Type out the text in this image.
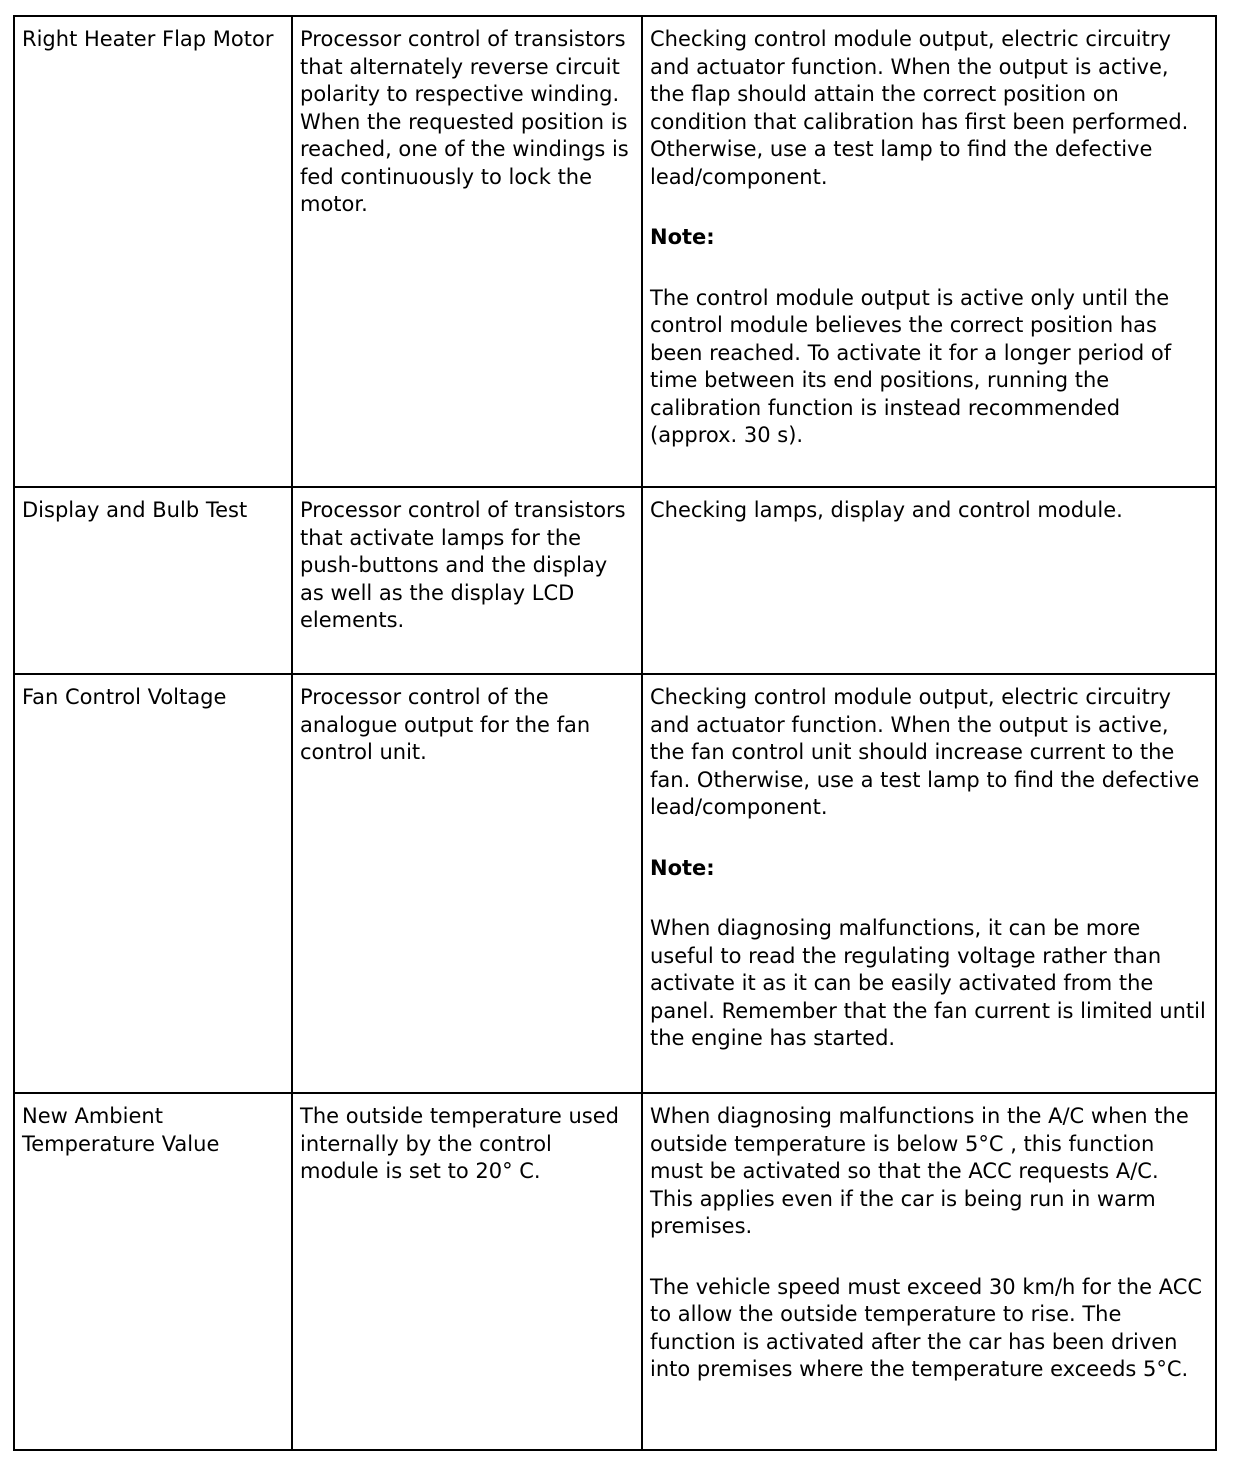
Right Heater Flap Motor	Processor control of transistors that alternately reverse circuit polarity to respective winding. When the requested position is reached, one of the windings is fed continuously to lock the motor.	Checking control module output, electric circuitry and actuator function. When the output is active, the flap should attain the correct position on condition that calibration has first been performed. Otherwise, use a test lamp to find the defective lead/component.

Note:

The control module output is active only until the control module believes the correct position has been reached. To activate it for a longer period of time between its end positions, running the calibration function is instead recommended (approx. 30 s).

Display and Bulb Test	Processor control of transistors that activate lamps for the push-buttons and the display as well as the display LCD elements.	Checking lamps, display and control module.

Fan Control Voltage	Processor control of the analogue output for the fan control unit.	Checking control module output, electric circuitry and actuator function. When the output is active, the fan control unit should increase current to the fan. Otherwise, use a test lamp to find the defective lead/component.

Note:

When diagnosing malfunctions, it can be more useful to read the regulating voltage rather than activate it as it can be easily activated from the panel. Remember that the fan current is limited until the engine has started.

New Ambient Temperature Value	The outside temperature used internally by the control module is set to 20° C.	When diagnosing malfunctions in the A/C when the outside temperature is below 5°C , this function must be activated so that the ACC requests A/C. This applies even if the car is being run in warm premises.

The vehicle speed must exceed 30 km/h for the ACC to allow the outside temperature to rise. The function is activated after the car has been driven into premises where the temperature exceeds 5°C.
